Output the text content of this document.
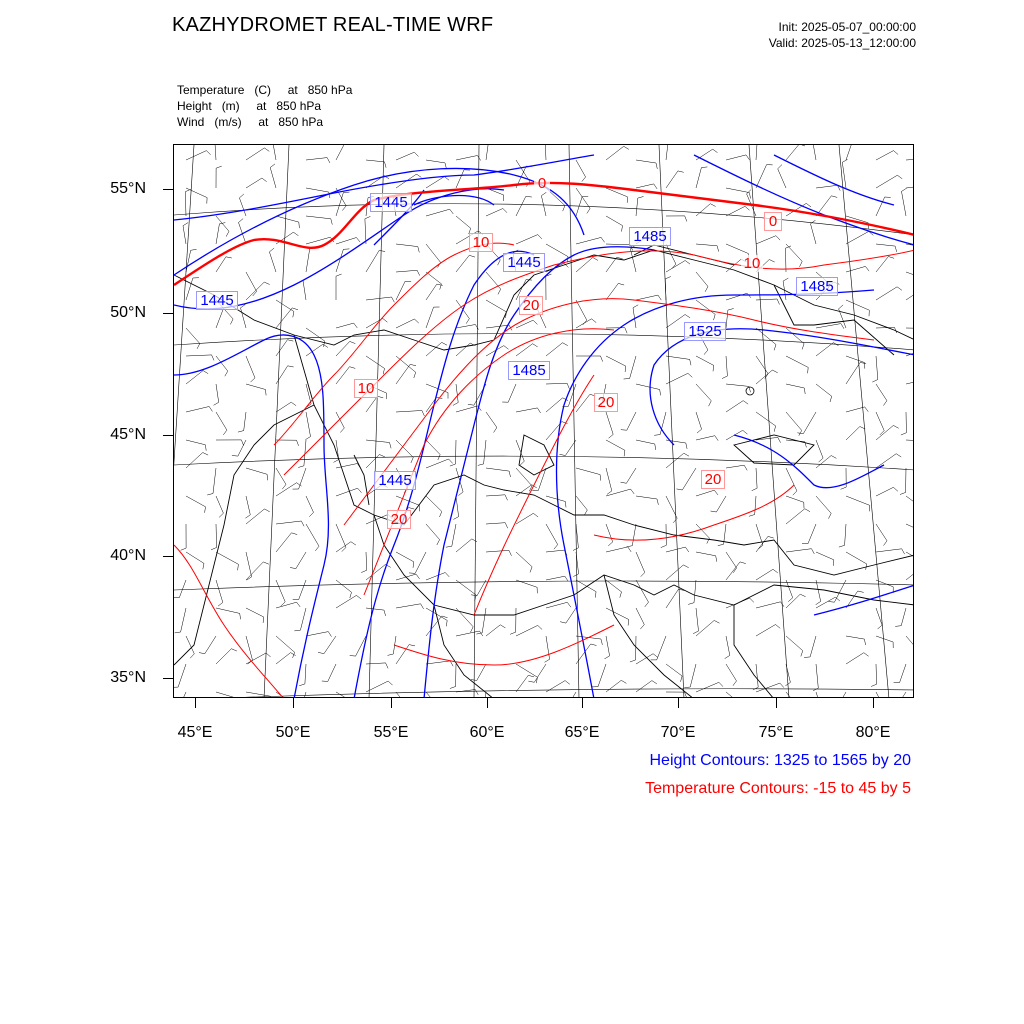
KAZHYDROMET REAL-TIME WRF	Init: 2025-05-07_00:00:00
Valid: 2025-05-13_12:00:00
Temperature   (C)     at   850 hPa
Height   (m)     at   850 hPa
Wind   (m/s)     at   850 hPa
1445
1445
1445
1445
1485
1485
1485
1525
0
0
10
10
10
20
20
20
20
55°N
50°N
45°N
40°N
35°N
45°E	50°E	55°E	60°E	65°E	70°E	75°E	80°E
Height Contours: 1325 to 1565 by 20
Temperature Contours: -15 to 45 by 5
